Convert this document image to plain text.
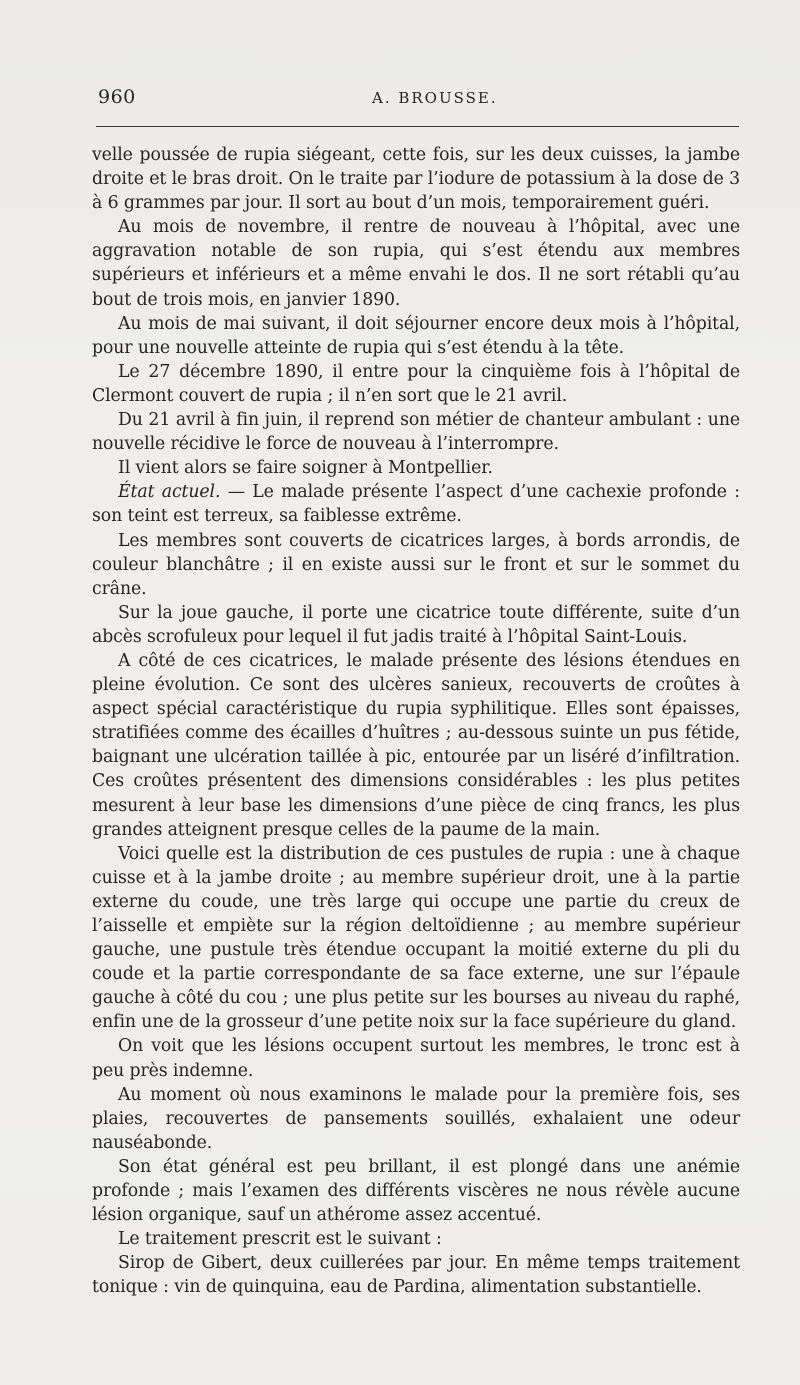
960	A. BROUSSE.

velle poussée de rupia siégeant, cette fois, sur les deux cuisses, la jambe droite et le bras droit. On le traite par l’iodure de potassium à la dose de 3 à 6 grammes par jour. Il sort au bout d’un mois, temporairement guéri.

Au mois de novembre, il rentre de nouveau à l’hôpital, avec une aggravation notable de son rupia, qui s’est étendu aux membres supérieurs et inférieurs et a même envahi le dos. Il ne sort rétabli qu’au bout de trois mois, en janvier 1890.

Au mois de mai suivant, il doit séjourner encore deux mois à l’hôpital, pour une nouvelle atteinte de rupia qui s’est étendu à la tête.

Le 27 décembre 1890, il entre pour la cinquième fois à l’hôpital de Clermont couvert de rupia ; il n’en sort que le 21 avril.

Du 21 avril à fin juin, il reprend son métier de chanteur ambulant : une nouvelle récidive le force de nouveau à l’interrompre.

Il vient alors se faire soigner à Montpellier.

État actuel. — Le malade présente l’aspect d’une cachexie profonde : son teint est terreux, sa faiblesse extrême.

Les membres sont couverts de cicatrices larges, à bords arrondis, de couleur blanchâtre ; il en existe aussi sur le front et sur le sommet du crâne.

Sur la joue gauche, il porte une cicatrice toute différente, suite d’un abcès scrofuleux pour lequel il fut jadis traité à l’hôpital Saint-Louis.

A côté de ces cicatrices, le malade présente des lésions étendues en pleine évolution. Ce sont des ulcères sanieux, recouverts de croûtes à aspect spécial caractéristique du rupia syphilitique. Elles sont épaisses, stratifiées comme des écailles d’huîtres ; au-dessous suinte un pus fétide, baignant une ulcération taillée à pic, entourée par un liséré d’infiltration. Ces croûtes présentent des dimensions considérables : les plus petites mesurent à leur base les dimensions d’une pièce de cinq francs, les plus grandes atteignent presque celles de la paume de la main.

Voici quelle est la distribution de ces pustules de rupia : une à chaque cuisse et à la jambe droite ; au membre supérieur droit, une à la partie externe du coude, une très large qui occupe une partie du creux de l’aisselle et empiète sur la région deltoïdienne ; au membre supérieur gauche, une pustule très étendue occupant la moitié externe du pli du coude et la partie correspondante de sa face externe, une sur l’épaule gauche à côté du cou ; une plus petite sur les bourses au niveau du raphé, enfin une de la grosseur d’une petite noix sur la face supérieure du gland.

On voit que les lésions occupent surtout les membres, le tronc est à peu près indemne.

Au moment où nous examinons le malade pour la première fois, ses plaies, recouvertes de pansements souillés, exhalaient une odeur nauséabonde.

Son état général est peu brillant, il est plongé dans une anémie profonde ; mais l’examen des différents viscères ne nous révèle aucune lésion organique, sauf un athérome assez accentué.

Le traitement prescrit est le suivant :

Sirop de Gibert, deux cuillerées par jour. En même temps traitement tonique : vin de quinquina, eau de Pardina, alimentation substantielle.
